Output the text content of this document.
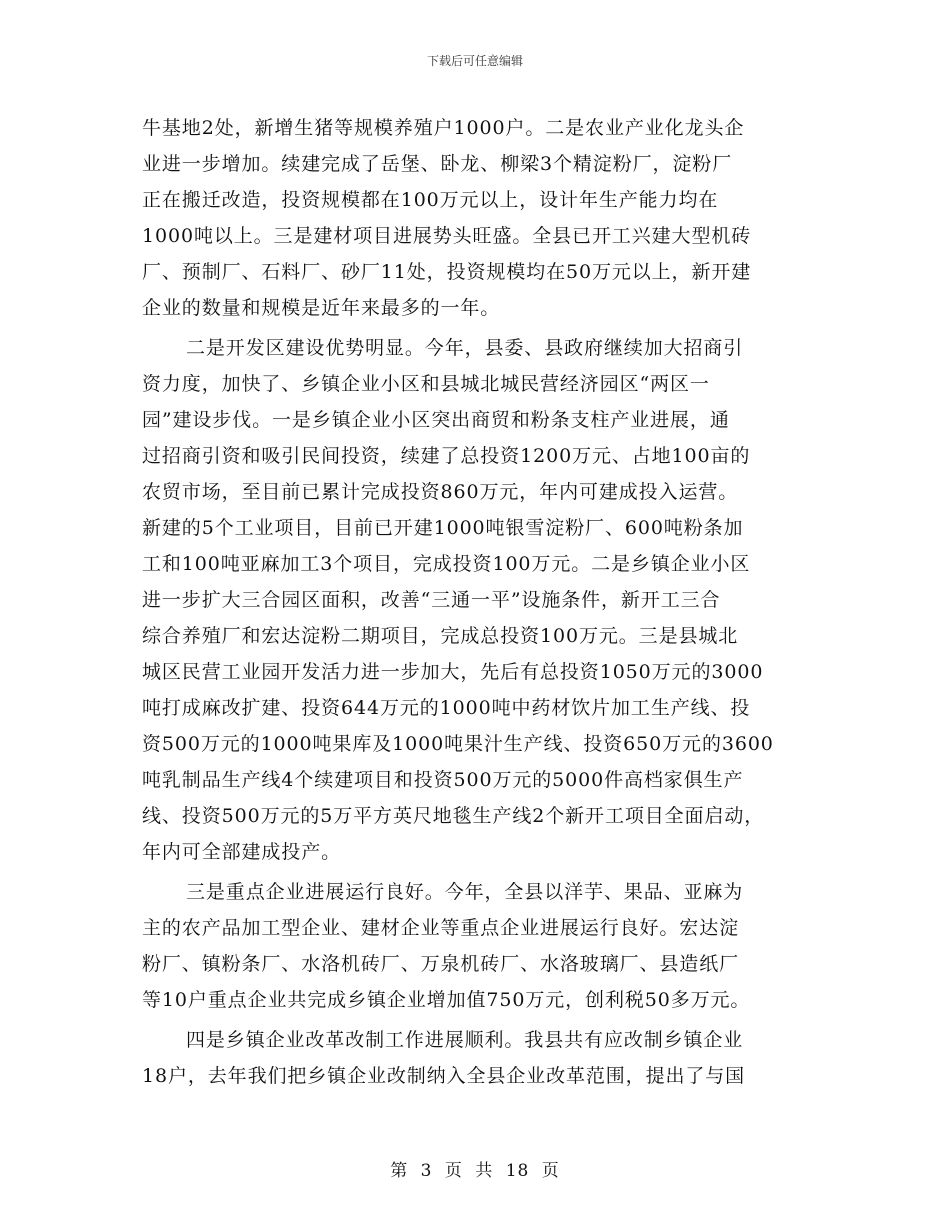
下载后可任意编辑
牛基地2处，新增生猪等规模养殖户1000户。二是农业产业化龙头企
业进一步增加。续建完成了岳堡、卧龙、柳梁3个精淀粉厂，淀粉厂
正在搬迁改造，投资规模都在100万元以上，设计年生产能力均在
1000吨以上。三是建材项目进展势头旺盛。全县已开工兴建大型机砖
厂、预制厂、石料厂、砂厂11处，投资规模均在50万元以上，新开建
企业的数量和规模是近年来最多的一年。
二是开发区建设优势明显。今年，县委、县政府继续加大招商引
资力度，加快了、乡镇企业小区和县城北城民营经济园区“两区一
园”建设步伐。一是乡镇企业小区突出商贸和粉条支柱产业进展，通
过招商引资和吸引民间投资，续建了总投资1200万元、占地100亩的
农贸市场，至目前已累计完成投资860万元，年内可建成投入运营。
新建的5个工业项目，目前已开建1000吨银雪淀粉厂、600吨粉条加
工和100吨亚麻加工3个项目，完成投资100万元。二是乡镇企业小区
进一步扩大三合园区面积，改善“三通一平”设施条件，新开工三合
综合养殖厂和宏达淀粉二期项目，完成总投资100万元。三是县城北
城区民营工业园开发活力进一步加大，先后有总投资1050万元的3000
吨打成麻改扩建、投资644万元的1000吨中药材饮片加工生产线、投
资500万元的1000吨果库及1000吨果汁生产线、投资650万元的3600
吨乳制品生产线4个续建项目和投资500万元的5000件高档家俱生产
线、投资500万元的5万平方英尺地毯生产线2个新开工项目全面启动，
年内可全部建成投产。
三是重点企业进展运行良好。今年，全县以洋芋、果品、亚麻为
主的农产品加工型企业、建材企业等重点企业进展运行良好。宏达淀
粉厂、镇粉条厂、水洛机砖厂、万泉机砖厂、水洛玻璃厂、县造纸厂
等10户重点企业共完成乡镇企业增加值750万元，创利税50多万元。
四是乡镇企业改革改制工作进展顺利。我县共有应改制乡镇企业
18户，去年我们把乡镇企业改制纳入全县企业改革范围，提出了与国
第 3 页 共 18 页
